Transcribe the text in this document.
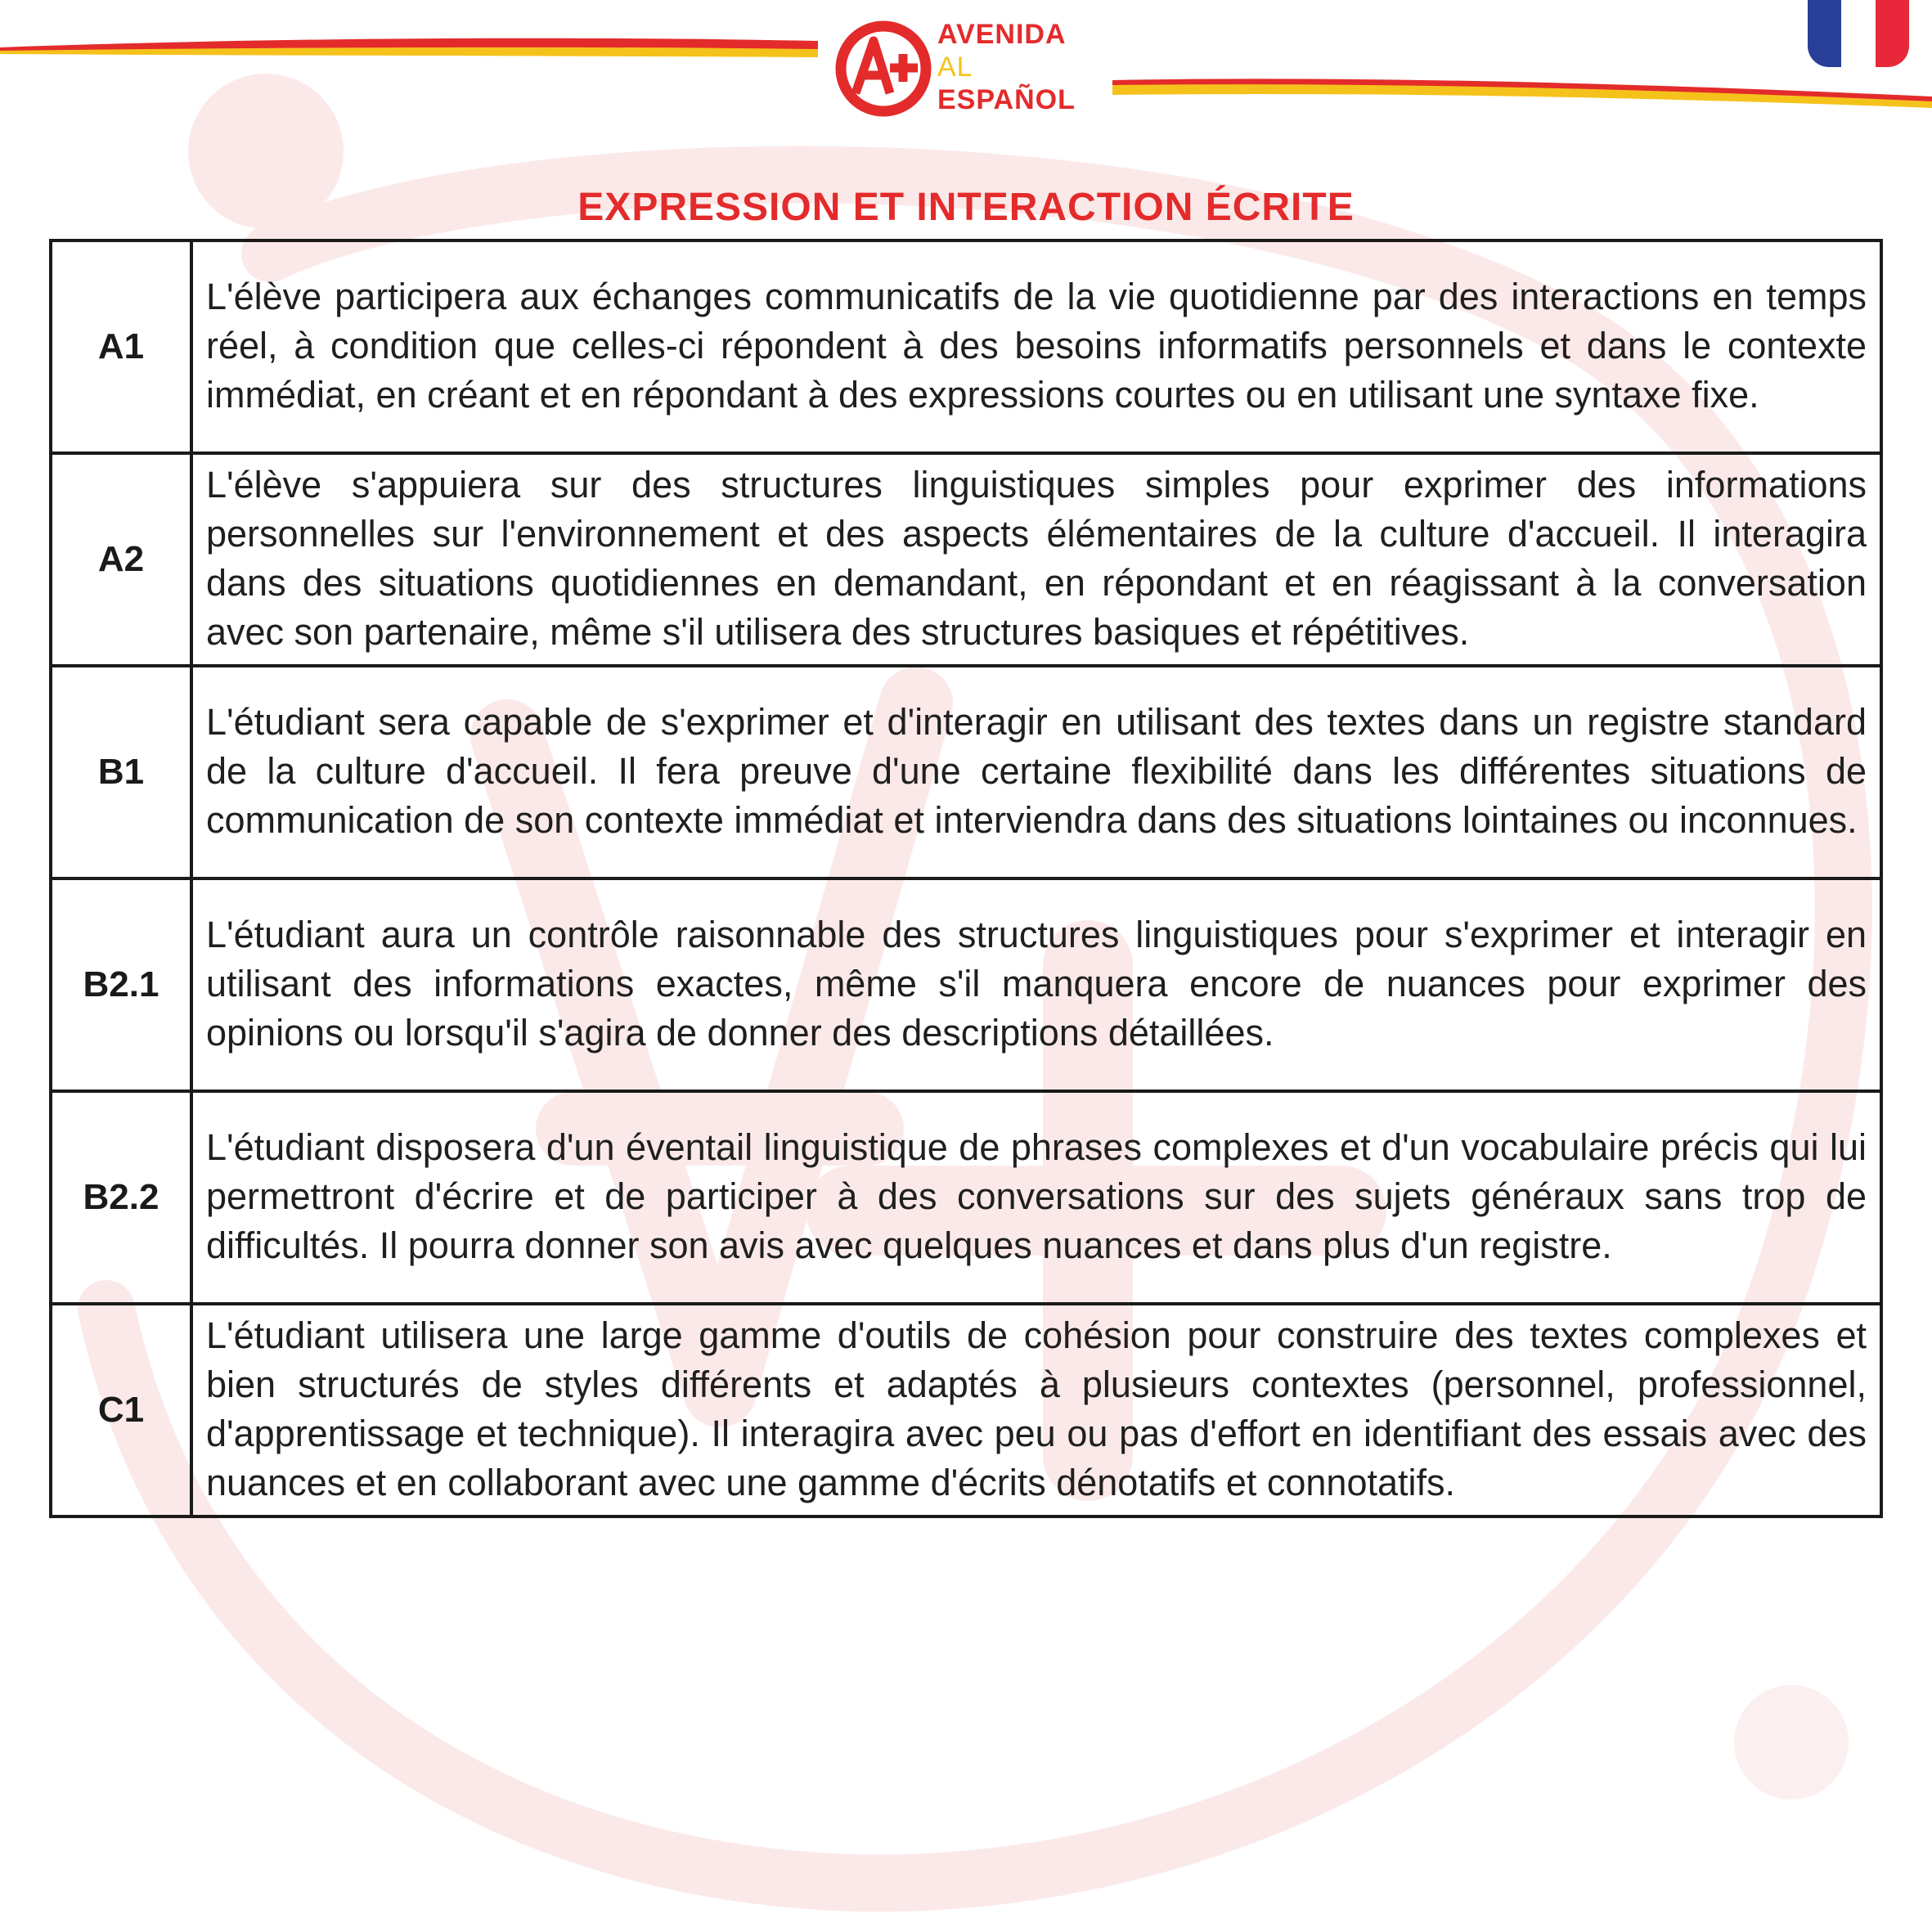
AVENIDA
AL
ESPAÑOL
EXPRESSION ET INTERACTION ÉCRITE
A1	L'élève participera aux échanges communicatifs de la vie quotidienne par des interactions en temps réel, à condition que celles-ci répondent à des besoins informatifs personnels et dans le contexte immédiat, en créant et en répondant à des expressions courtes ou en utilisant une syntaxe fixe.
A2	L'élève s'appuiera sur des structures linguistiques simples pour exprimer des informations personnelles sur l'environnement et des aspects élémentaires de la culture d'accueil. Il interagira dans des situations quotidiennes en demandant, en répondant et en réagissant à la conversation avec son partenaire, même s'il utilisera des structures basiques et répétitives.
B1	L'étudiant sera capable de s'exprimer et d'interagir en utilisant des textes dans un registre standard de la culture d'accueil. Il fera preuve d'une certaine flexibilité dans les différentes situations de communication de son contexte immédiat et interviendra dans des situations lointaines ou inconnues.
B2.1	L'étudiant aura un contrôle raisonnable des structures linguistiques pour s'exprimer et interagir en utilisant des informations exactes, même s'il manquera encore de nuances pour exprimer des opinions ou lorsqu'il s'agira de donner des descriptions détaillées.
B2.2	L'étudiant disposera d'un éventail linguistique de phrases complexes et d'un vocabulaire précis qui lui permettront d'écrire et de participer à des conversations sur des sujets généraux sans trop de difficultés. Il pourra donner son avis avec quelques nuances et dans plus d'un registre.
C1	L'étudiant utilisera une large gamme d'outils de cohésion pour construire des textes complexes et bien structurés de styles différents et adaptés à plusieurs contextes (personnel, professionnel, d'apprentissage et technique). Il interagira avec peu ou pas d'effort en identifiant des essais avec des nuances et en collaborant avec une gamme d'écrits dénotatifs et connotatifs.
